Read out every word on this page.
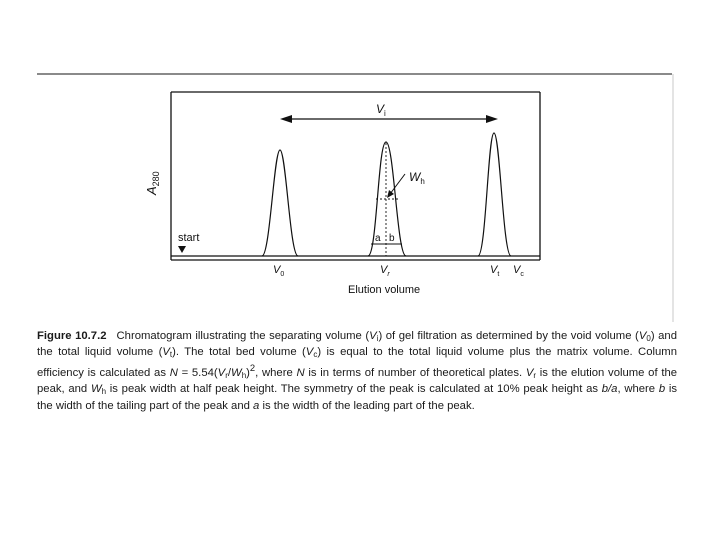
$A_{280}$
start
$V_i$
$W_h$
a b
$V_0$	$V_r$	$V_t$ $V_c$
Elution volume
Figure 10.7.2 Chromatogram illustrating the separating volume $(V_i)$ of gel filtration as determined by the void volume $(V_0)$ and the total liquid volume $(V_t)$. The total bed volume $(V_c)$ is equal to the total liquid volume plus the matrix volume. Column efficiency is calculated as $N = 5.54(V_r/W_h)^2$, where N is in terms of number of theoretical plates. $V_r$ is the elution volume of the peak, and $W_h$ is peak width at half peak height. The symmetry of the peak is calculated at 10% peak height as b/a, where b is the width of the tailing part of the peak and a is the width of the leading part of the peak.
